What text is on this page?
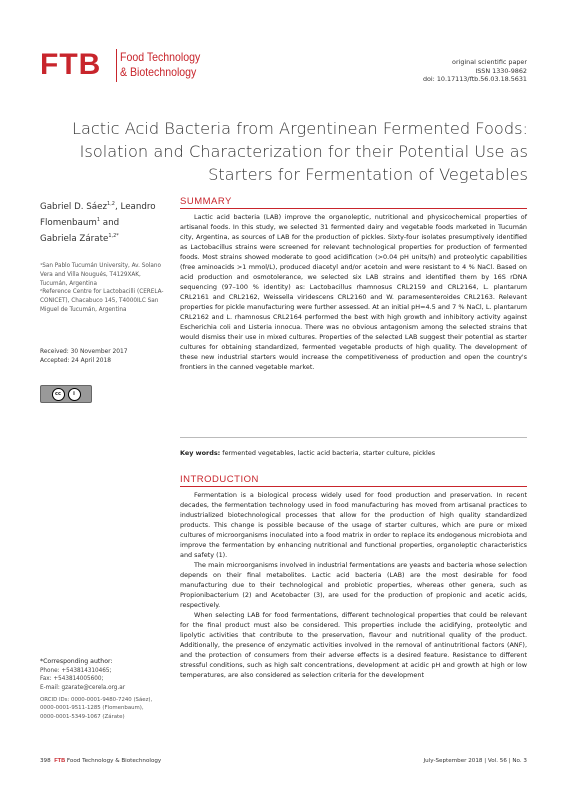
FTB Food Technology
& Biotechnology
original scientific paper
ISSN 1330-9862
doi: 10.17113/ftb.56.03.18.5631
Lactic Acid Bacteria from Argentinean Fermented Foods: Isolation and Characterization for their Potential Use as Starters for Fermentation of Vegetables
Gabriel D. Sáez$^{1,2}$, Leandro
Flomenbaum$^1$ and
Gabriela Zárate$^{1,2*}$
¹San Pablo Tucumán University, Av. Solano Vera and Villa Nougués, T4129XAK, Tucumán, Argentina
²Reference Centre for Lactobacilli (CERELA-CONICET), Chacabuco 145, T4000ILC San Miguel de Tucumán, Argentina
Received: 30 November 2017
Accepted: 24 April 2018
cc	i
*Corresponding author:
Phone: +543814310465;
Fax: +543814005600;
E-mail: gzarate@cerela.org.ar
ORCID IDs: 0000-0001-9480-7240 (Sáez),
0000-0001-9511-1285 (Flomenbaum),
0000-0001-5349-1067 (Zárate)
SUMMARY

Lactic acid bacteria (LAB) improve the organoleptic, nutritional and physicochemical properties of artisanal foods. In this study, we selected 31 fermented dairy and vegetable foods marketed in Tucumán city, Argentina, as sources of LAB for the production of pickles. Sixty-four isolates presumptively identified as Lactobacillus strains were screened for relevant technological properties for production of fermented foods. Most strains showed moderate to good acidification (>0.04 pH units/h) and proteolytic capabilities (free aminoacids >1 mmol/L), produced diacetyl and/or acetoin and were resistant to 4 % NaCl. Based on acid production and osmotolerance, we selected six LAB strains and identified them by 16S rDNA sequencing (97–100 % identity) as: Lactobacillus rhamnosus CRL2159 and CRL2164, L. plantarum CRL2161 and CRL2162, Weissella viridescens CRL2160 and W. paramesenteroides CRL2163. Relevant properties for pickle manufacturing were further assessed. At an initial pH=4.5 and 7 % NaCl, L. plantarum CRL2162 and L. rhamnosus CRL2164 performed the best with high growth and inhibitory activity against Escherichia coli and Listeria innocua. There was no obvious antagonism among the selected strains that would dismiss their use in mixed cultures. Properties of the selected LAB suggest their potential as starter cultures for obtaining standardized, fermented vegetable products of high quality. The development of these new industrial starters would increase the competitiveness of production and open the country's frontiers in the canned vegetable market.

Key words: fermented vegetables, lactic acid bacteria, starter culture, pickles
INTRODUCTION

Fermentation is a biological process widely used for food production and preservation. In recent decades, the fermentation technology used in food manufacturing has moved from artisanal practices to industrialized biotechnological processes that allow for the production of high quality standardized products. This change is possible because of the usage of starter cultures, which are pure or mixed cultures of microorganisms inoculated into a food matrix in order to replace its endogenous microbiota and improve the fermentation by enhancing nutritional and functional properties, organoleptic characteristics and safety (1).

The main microorganisms involved in industrial fermentations are yeasts and bacteria whose selection depends on their final metabolites. Lactic acid bacteria (LAB) are the most desirable for food manufacturing due to their technological and probiotic properties, whereas other genera, such as Propionibacterium (2) and Acetobacter (3), are used for the production of propionic and acetic acids, respectively.

When selecting LAB for food fermentations, different technological properties that could be relevant for the final product must also be considered. This properties include the acidifying, proteolytic and lipolytic activities that contribute to the preservation, flavour and nutritional quality of the product. Additionally, the presence of enzymatic activities involved in the removal of antinutritional factors (ANF), and the protection of consumers from their adverse effects is a desired feature. Resistance to different stressful conditions, such as high salt concentrations, development at acidic pH and growth at high or low temperatures, are also considered as selection criteria for the development

398 FTB Food Technology & Biotechnology	July-September 2018 | Vol. 56 | No. 3
